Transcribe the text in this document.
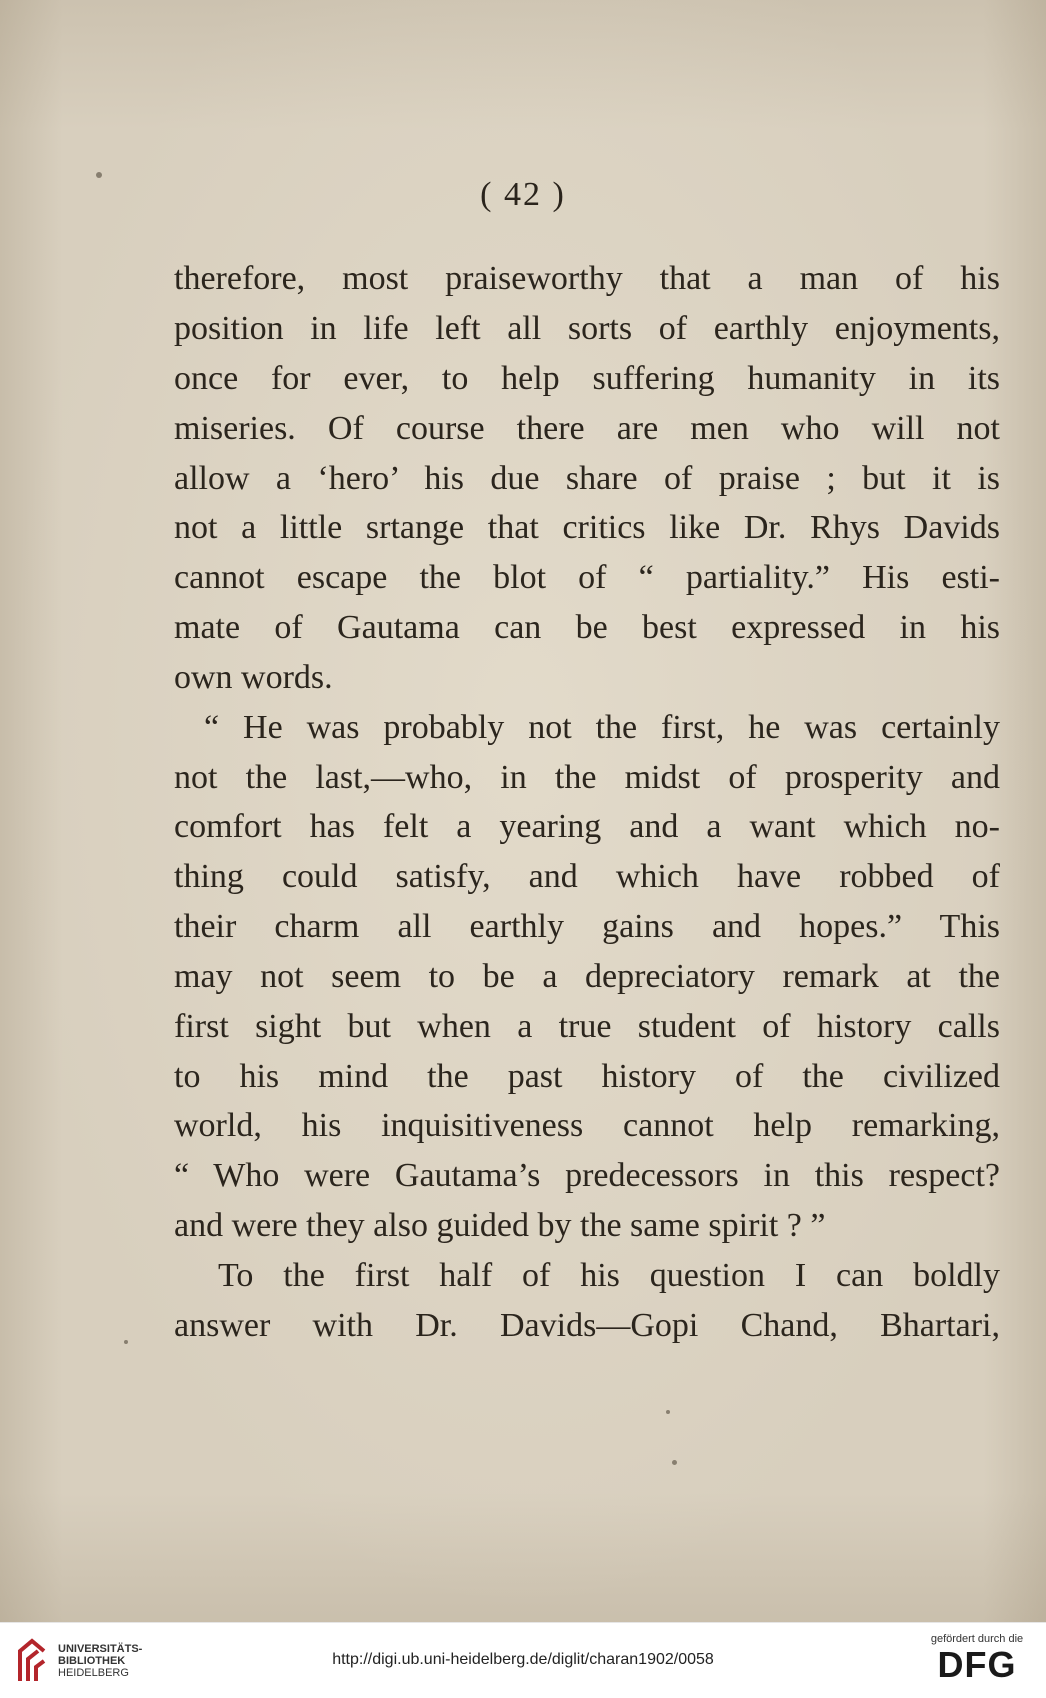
( 42 )
therefore, most praiseworthy that a man of his
position in life left all sorts of earthly enjoyments,
once for ever, to help suffering humanity in its
miseries. Of course there are men who will not
allow a ‘hero’ his due share of praise ; but it is
not a little srtange that critics like Dr. Rhys Davids
cannot escape the blot of “ partiality.” His esti-
mate of Gautama can be best expressed in his
own words.
“ He was probably not the first, he was certainly
not the last,—who, in the midst of prosperity and
comfort has felt a yearing and a want which no-
thing could satisfy, and which have robbed of
their charm all earthly gains and hopes.” This
may not seem to be a depreciatory remark at the
first sight but when a true student of history calls
to his mind the past history of the civilized
world, his inquisitiveness cannot help remarking,
“ Who were Gautama’s predecessors in this respect?
and were they also guided by the same spirit ? ”
To the first half of his question I can boldly
answer with Dr. Davids—Gopi Chand, Bhartari,
UNIVERSITÄTS-
BIBLIOTHEK
HEIDELBERG
http://digi.ub.uni-heidelberg.de/diglit/charan1902/0058
gefördert durch die
DFG
